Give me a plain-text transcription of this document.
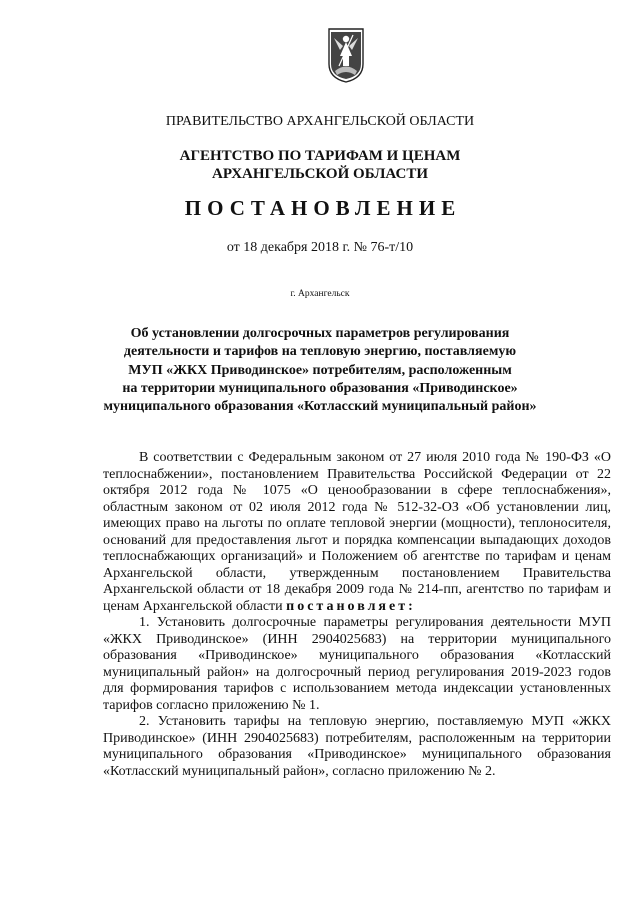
ПРАВИТЕЛЬСТВО АРХАНГЕЛЬСКОЙ ОБЛАСТИ
АГЕНТСТВО ПО ТАРИФАМ И ЦЕНАМ
АРХАНГЕЛЬСКОЙ ОБЛАСТИ
ПОСТАНОВЛЕНИЕ
от 18 декабря 2018 г. № 76-т/10
г. Архангельск
Об установлении долгосрочных параметров регулирования
деятельности и тарифов на тепловую энергию, поставляемую
МУП «ЖКХ Приводинское» потребителям, расположенным
на территории муниципального образования «Приводинское»
муниципального образования «Котласский муниципальный район»

В соответствии с Федеральным законом от 27 июля 2010 года № 190-ФЗ «О теплоснабжении», постановлением Правительства Российской Федерации от 22 октября 2012 года № 1075 «О ценообразовании в сфере теплоснабжения», областным законом от 02 июля 2012 года № 512-32-ОЗ «Об установлении лиц, имеющих право на льготы по оплате тепловой энергии (мощности), теплоносителя, оснований для предоставления льгот и порядка компенсации выпадающих доходов теплоснабжающих организаций» и Положением об агентстве по тарифам и ценам Архангельской области, утвержденным постановлением Правительства Архангельской области от 18 декабря 2009 года № 214-пп, агентство по тарифам и ценам Архангельской области постановляет:

1. Установить долгосрочные параметры регулирования деятельности МУП «ЖКХ Приводинское» (ИНН 2904025683) на территории муниципального образования «Приводинское» муниципального образования «Котласский муниципальный район» на долгосрочный период регулирования 2019-2023 годов для формирования тарифов с использованием метода индексации установленных тарифов согласно приложению № 1.

2. Установить тарифы на тепловую энергию, поставляемую МУП «ЖКХ Приводинское» (ИНН 2904025683) потребителям, расположенным на территории муниципального образования «Приводинское» муниципального образования «Котласский муниципальный район», согласно приложению № 2.
